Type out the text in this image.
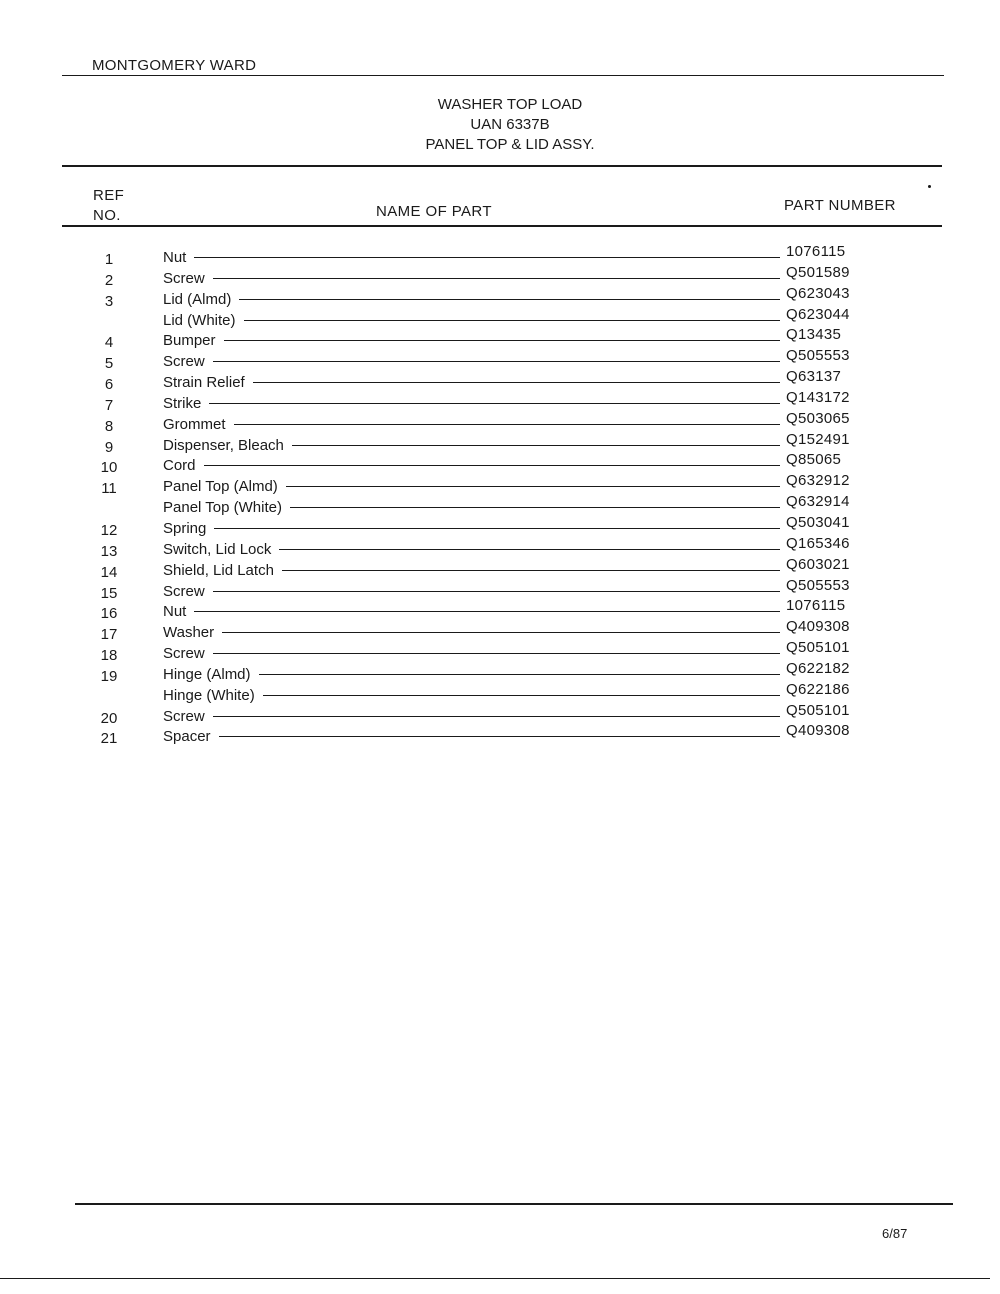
MONTGOMERY WARD
WASHER TOP LOAD
UAN 6337B
PANEL TOP & LID ASSY.
REF
NO.	NAME OF PART	PART NUMBER
1	Nut	1076115
2	Screw	Q501589
3	Lid (Almd)	Q623043
Lid (White)	Q623044
4	Bumper	Q13435
5	Screw	Q505553
6	Strain Relief	Q63137
7	Strike	Q143172
8	Grommet	Q503065
9	Dispenser, Bleach	Q152491
10	Cord	Q85065
11	Panel Top (Almd)	Q632912
Panel Top (White)	Q632914
12	Spring	Q503041
13	Switch, Lid Lock	Q165346
14	Shield, Lid Latch	Q603021
15	Screw	Q505553
16	Nut	1076115
17	Washer	Q409308
18	Screw	Q505101
19	Hinge (Almd)	Q622182
Hinge (White)	Q622186
20	Screw	Q505101
21	Spacer	Q409308
6/87
